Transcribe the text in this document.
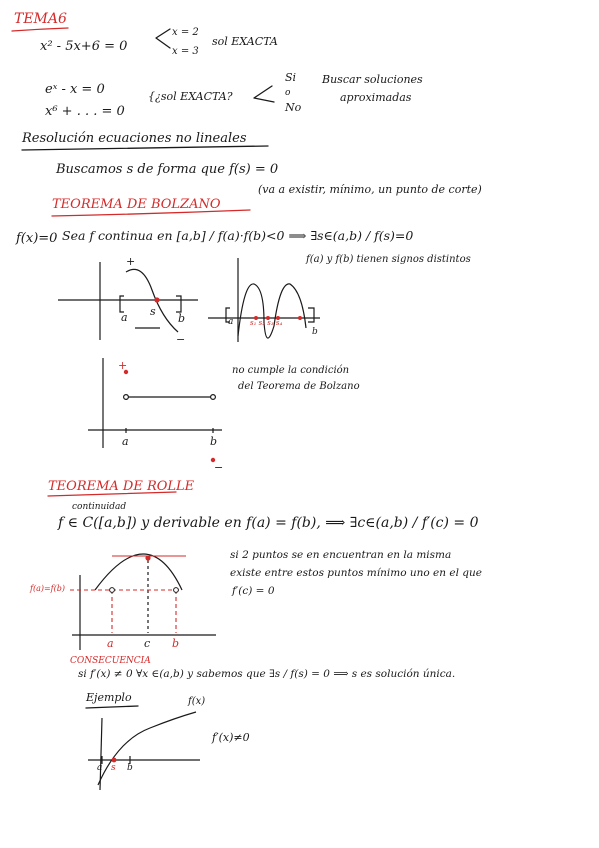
TEMA6
x² - 5x+6 = 0
x = 2
x = 3
sol EXACTA
eˣ - x = 0
x⁶ + . . . = 0
{¿sol EXACTA?
Si
o
No
Buscar soluciones
aproximadas
Resolución ecuaciones no lineales
Buscamos s de forma que f(s) = 0
TEOREMA DE BOLZANO
(va a existir, mínimo, un punto de corte)
f(x)=0 Sea f continua en [a,b] / f(a)·f(b)<0 ⟹ ∃s∈(a,b) / f(s)=0
f(a) y f(b) tienen signos distintos
+
a s
b
−
a
b
s₁ s₂ s₃ s₄
+
a	b
−
no cumple la condición
del Teorema de Bolzano
TEOREMA DE ROLLE
continuidad
f ∈ C([a,b]) y derivable en f(a) = f(b), ⟹ ∃c∈(a,b) / f′(c) = 0
si 2 puntos se en encuentran en la misma
existe entre estos puntos mínimo uno en el que
f′(c) = 0
f(a)=f(b)
a	c b
CONSECUENCIA
si f′(x) ≠ 0 ∀x ∈(a,b) y sabemos que ∃s / f(s) = 0 ⟹ s es solución única.
Ejemplo	f(x)
f′(x)≠0
a s b
